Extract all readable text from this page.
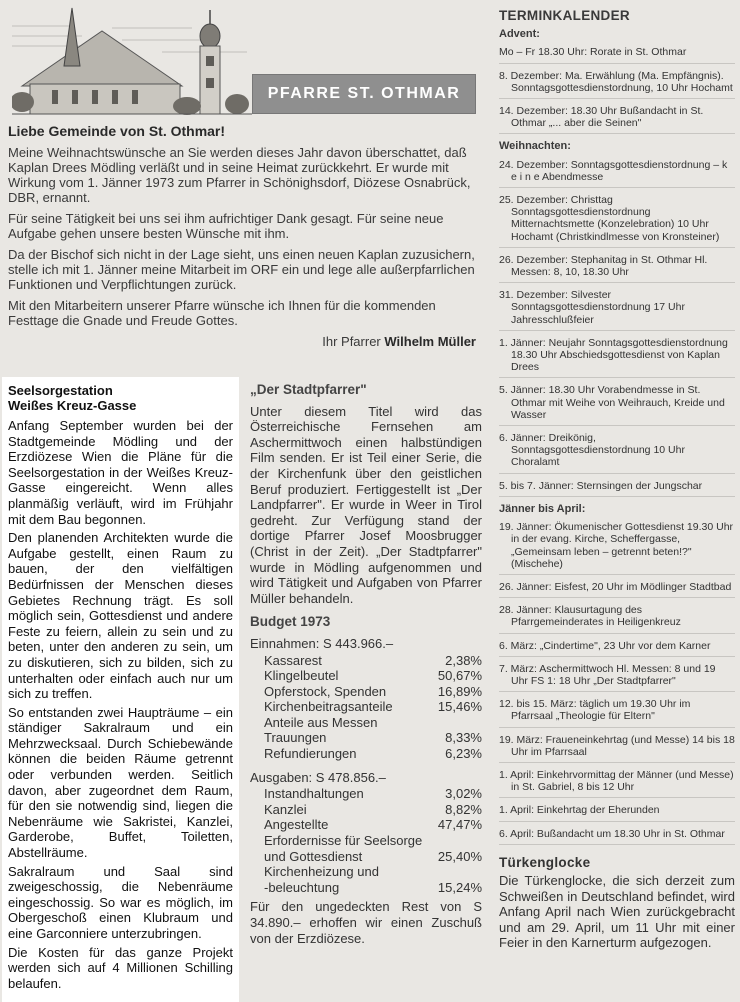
PFARRE ST. OTHMAR
Liebe Gemeinde von St. Othmar!

Meine Weihnachtswünsche an Sie werden dieses Jahr davon überschattet, daß Kaplan Drees Mödling verläßt und in seine Heimat zurückkehrt. Er wurde mit Wirkung vom 1. Jänner 1973 zum Pfarrer in Schönighsdorf, Diözese Osnabrück, DBR, ernannt.

Für seine Tätigkeit bei uns sei ihm aufrichtiger Dank gesagt. Für seine neue Aufgabe gehen unsere besten Wünsche mit ihm.

Da der Bischof sich nicht in der Lage sieht, uns einen neuen Kaplan zuzusichern, stelle ich mit 1. Jänner meine Mitarbeit im ORF ein und lege alle außerpfarrlichen Funktionen und Verpflichtungen zurück.

Mit den Mitarbeitern unserer Pfarre wünsche ich Ihnen für die kommenden Festtage die Gnade und Freude Gottes.

Ihr Pfarrer Wilhelm Müller
Seelsorgestation
Weißes Kreuz-Gasse

Anfang September wurden bei der Stadtgemeinde Mödling und der Erzdiözese Wien die Pläne für die Seelsorgestation in der Weißes Kreuz-Gasse eingereicht. Wenn alles planmäßig verläuft, wird im Frühjahr mit dem Bau begonnen.

Den planenden Architekten wurde die Aufgabe gestellt, einen Raum zu bauen, der den vielfältigen Bedürfnissen der Menschen dieses Gebietes Rechnung trägt. Es soll möglich sein, Gottesdienst und andere Feste zu feiern, allein zu sein und zu beten, unter den anderen zu sein, um zu diskutieren, sich zu bilden, sich zu unterhalten oder einfach auch nur um sich zu treffen.

So entstanden zwei Haupträume – ein ständiger Sakralraum und ein Mehrzwecksaal. Durch Schiebewände können die beiden Räume getrennt oder verbunden werden. Seitlich davon, aber zugeordnet dem Raum, für den sie notwendig sind, liegen die Nebenräume wie Sakristei, Kanzlei, Garderobe, Buffet, Toiletten, Abstellräume.

Sakralraum und Saal sind zweigeschossig, die Nebenräume eingeschossig. So war es möglich, im Obergeschoß einen Klubraum und eine Garconniere unterzubringen.

Die Kosten für das ganze Projekt werden sich auf 4 Millionen Schilling belaufen.

„Der Stadtpfarrer"

Unter diesem Titel wird das Österreichische Fernsehen am Aschermittwoch einen halbstündigen Film senden. Er ist Teil einer Serie, die der Kirchenfunk über den geistlichen Beruf produziert. Fertiggestellt ist „Der Landpfarrer". Er wurde in Weer in Tirol gedreht. Zur Verfügung stand der dortige Pfarrer Josef Moosbrugger (Christ in der Zeit). „Der Stadtpfarrer" wurde in Mödling aufgenommen und wird Tätigkeit und Aufgaben von Pfarrer Müller behandeln.

Budget 1973
Einnahmen: S 443.966.–
Kassarest	2,38%
Klingelbeutel	50,67%
Opferstock, Spenden	16,89%
Kirchenbeitragsanteile	15,46%
Anteile aus Messen
Trauungen	8,33%
Refundierungen	6,23%
Ausgaben: S 478.856.–
Instandhaltungen	3,02%
Kanzlei	8,82%
Angestellte	47,47%
Erfordernisse für Seelsorge
und Gottesdienst	25,40%
Kirchenheizung und
-beleuchtung	15,24%
Für den ungedeckten Rest von S 34.890.– erhoffen wir einen Zuschuß von der Erzdiözese.
TERMINKALENDER
Advent:
Mo – Fr 18.30 Uhr: Rorate in St. Othmar
8. Dezember: Ma. Erwählung (Ma. Empfängnis). Sonntagsgottesdienstordnung, 10 Uhr Hochamt
14. Dezember: 18.30 Uhr Bußandacht in St. Othmar „... aber die Seinen"
Weihnachten:
24. Dezember: Sonntagsgottesdienstordnung – k e i n e Abendmesse
25. Dezember: Christtag Sonntagsgottesdienstordnung Mitternachtsmette (Konzelebration) 10 Uhr Hochamt (Christkindlmesse von Kronsteiner)
26. Dezember: Stephanitag in St. Othmar Hl. Messen: 8, 10, 18.30 Uhr
31. Dezember: Silvester Sonntagsgottesdienstordnung 17 Uhr Jahresschlußfeier
1. Jänner: Neujahr Sonntagsgottesdienstordnung 18.30 Uhr Abschiedsgottesdienst von Kaplan Drees
5. Jänner: 18.30 Uhr Vorabendmesse in St. Othmar mit Weihe von Weihrauch, Kreide und Wasser
6. Jänner: Dreikönig, Sonntagsgottesdienstordnung 10 Uhr Choralamt
5. bis 7. Jänner: Sternsingen der Jungschar
Jänner bis April:
19. Jänner: Ökumenischer Gottesdienst 19.30 Uhr in der evang. Kirche, Scheffergasse, „Gemeinsam leben – getrennt beten!?" (Mischehe)
26. Jänner: Eisfest, 20 Uhr im Mödlinger Stadtbad
28. Jänner: Klausurtagung des Pfarrgemeinderates in Heiligenkreuz
6. März: „Cindertime", 23 Uhr vor dem Karner
7. März: Aschermittwoch Hl. Messen: 8 und 19 Uhr FS 1: 18 Uhr „Der Stadtpfarrer"
12. bis 15. März: täglich um 19.30 Uhr im Pfarrsaal „Theologie für Eltern"
19. März: Fraueneinkehrtag (und Messe) 14 bis 18 Uhr im Pfarrsaal
1. April: Einkehrvormittag der Männer (und Messe) in St. Gabriel, 8 bis 12 Uhr
1. April: Einkehrtag der Eherunden
6. April: Bußandacht um 18.30 Uhr in St. Othmar
Türkenglocke

Die Türkenglocke, die sich derzeit zum Schweißen in Deutschland befindet, wird Anfang April nach Wien zurückgebracht und am 29. April, um 11 Uhr mit einer Feier in den Karnerturm aufgezogen.
